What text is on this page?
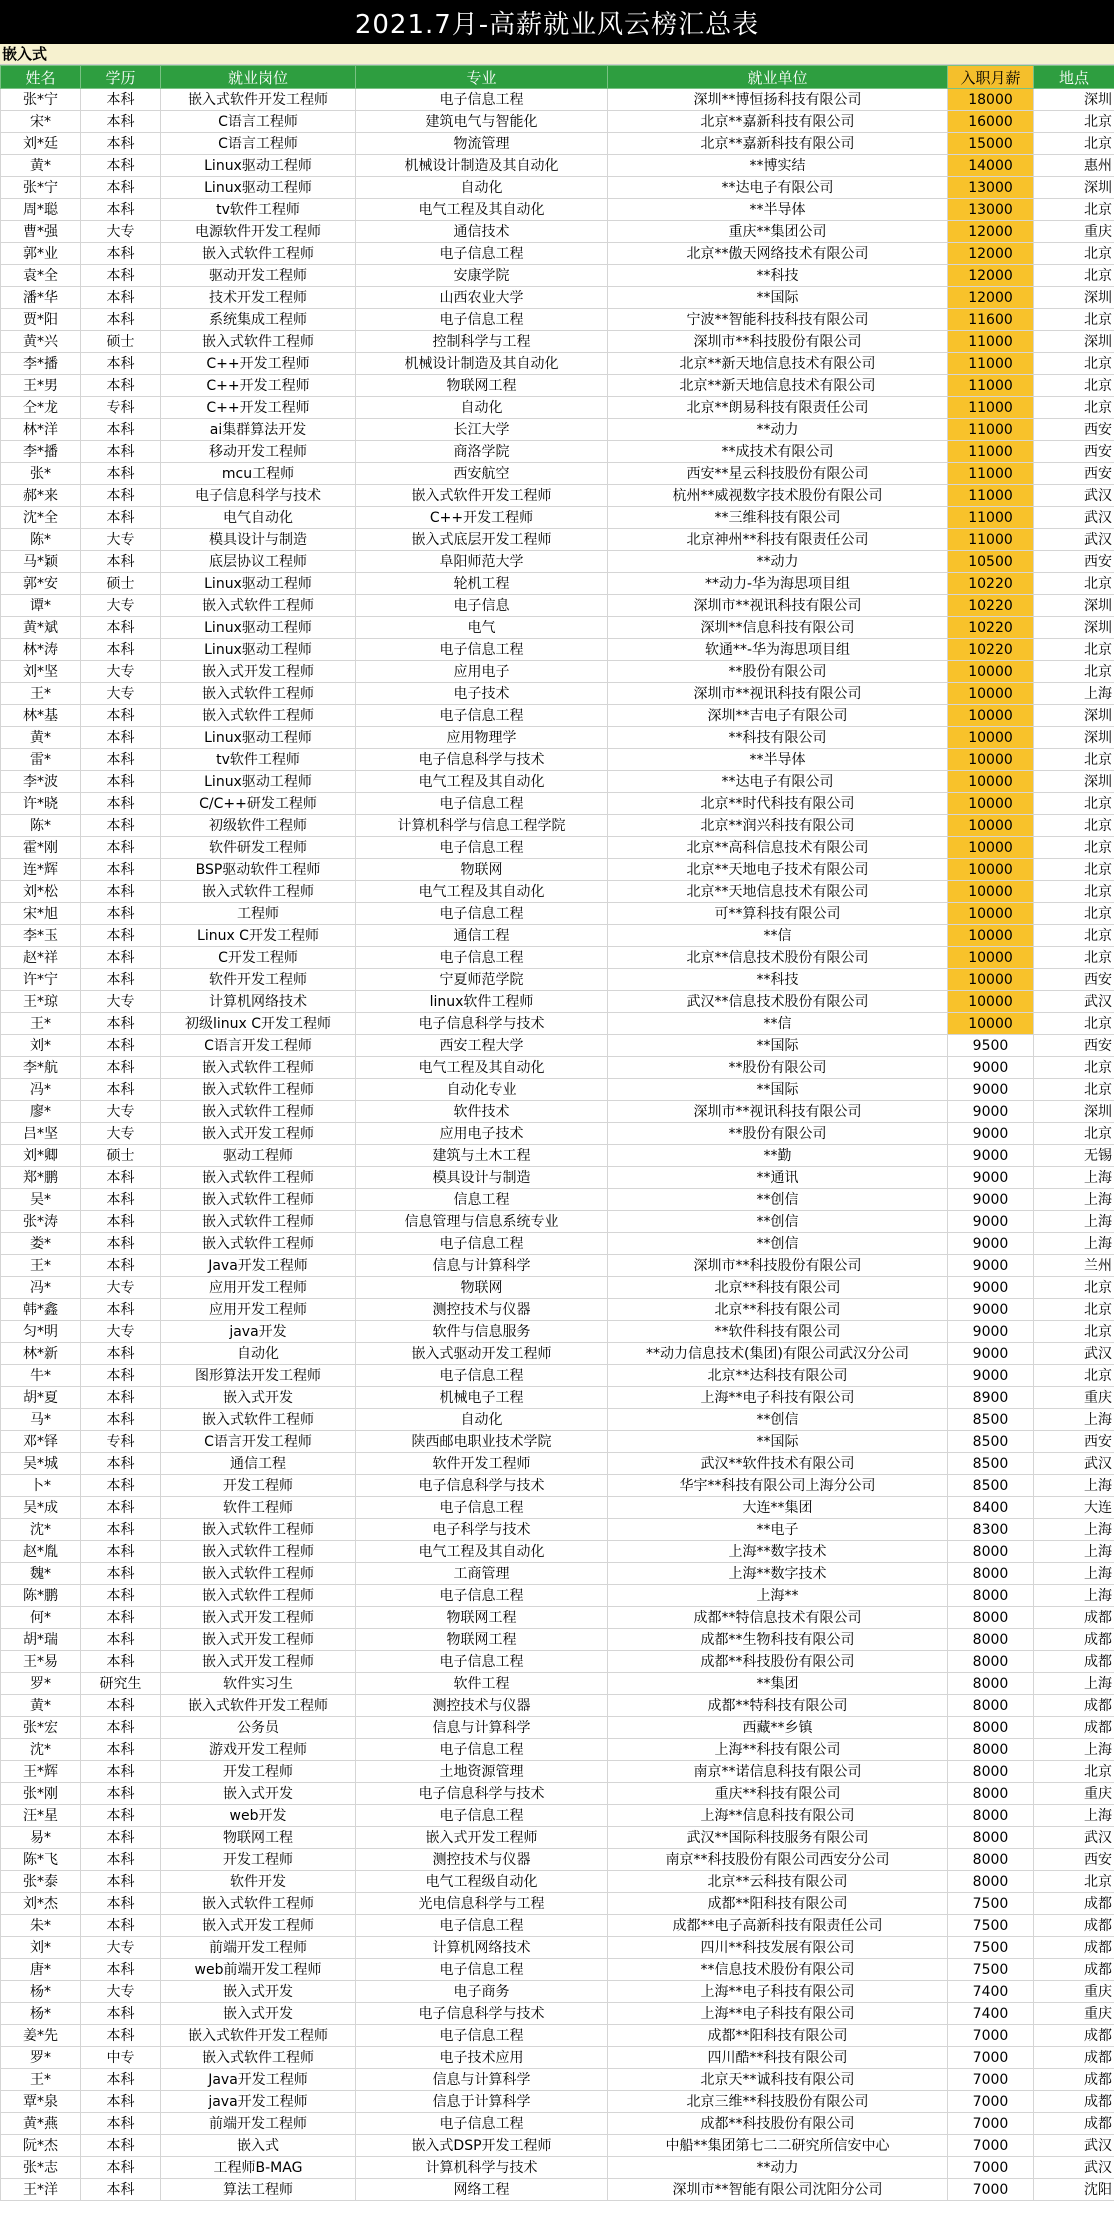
2021.7月-高薪就业风云榜汇总表
嵌入式
姓名	学历	就业岗位	专业	就业单位	入职月薪	地点
张*宁	本科	嵌入式软件开发工程师	电子信息工程	深圳**博恒扬科技有限公司	18000	深圳
宋*	本科	C语言工程师	建筑电气与智能化	北京**嘉新科技有限公司	16000	北京
刘*廷	本科	C语言工程师	物流管理	北京**嘉新科技有限公司	15000	北京
黄*	本科	Linux驱动工程师	机械设计制造及其自动化	**博实结	14000	惠州
张*宁	本科	Linux驱动工程师	自动化	**达电子有限公司	13000	深圳
周*聪	本科	tv软件工程师	电气工程及其自动化	**半导体	13000	北京
曹*强	大专	电源软件开发工程师	通信技术	重庆**集团公司	12000	重庆
郭*业	本科	嵌入式软件工程师	电子信息工程	北京**傲天网络技术有限公司	12000	北京
袁*全	本科	驱动开发工程师	安康学院	**科技	12000	北京
潘*华	本科	技术开发工程师	山西农业大学	**国际	12000	深圳
贾*阳	本科	系统集成工程师	电子信息工程	宁波**智能科技科技有限公司	11600	北京
黄*兴	硕士	嵌入式软件工程师	控制科学与工程	深圳市**科技股份有限公司	11000	深圳
李*播	本科	C++开发工程师	机械设计制造及其自动化	北京**新天地信息技术有限公司	11000	北京
王*男	本科	C++开发工程师	物联网工程	北京**新天地信息技术有限公司	11000	北京
仝*龙	专科	C++开发工程师	自动化	北京**朗易科技有限责任公司	11000	北京
林*洋	本科	ai集群算法开发	长江大学	**动力	11000	西安
李*播	本科	移动开发工程师	商洛学院	**成技术有限公司	11000	西安
张*	本科	mcu工程师	西安航空	西安**星云科技股份有限公司	11000	西安
郝*来	本科	电子信息科学与技术	嵌入式软件开发工程师	杭州**威视数字技术股份有限公司	11000	武汉
沈*全	本科	电气自动化	C++开发工程师	**三维科技有限公司	11000	武汉
陈*	大专	模具设计与制造	嵌入式底层开发工程师	北京神州**科技有限责任公司	11000	武汉
马*颖	本科	底层协议工程师	阜阳师范大学	**动力	10500	西安
郭*安	硕士	Linux驱动工程师	轮机工程	**动力-华为海思项目组	10220	北京
谭*	大专	嵌入式软件工程师	电子信息	深圳市**视讯科技有限公司	10220	深圳
黄*斌	本科	Linux驱动工程师	电气	深圳**信息科技有限公司	10220	深圳
林*涛	本科	Linux驱动工程师	电子信息工程	软通**-华为海思项目组	10220	北京
刘*坚	大专	嵌入式开发工程师	应用电子	**股份有限公司	10000	北京
王*	大专	嵌入式软件工程师	电子技术	深圳市**视讯科技有限公司	10000	上海
林*基	本科	嵌入式软件工程师	电子信息工程	深圳**吉电子有限公司	10000	深圳
黄*	本科	Linux驱动工程师	应用物理学	**科技有限公司	10000	深圳
雷*	本科	tv软件工程师	电子信息科学与技术	**半导体	10000	北京
李*波	本科	Linux驱动工程师	电气工程及其自动化	**达电子有限公司	10000	深圳
许*晓	本科	C/C++研发工程师	电子信息工程	北京**时代科技有限公司	10000	北京
陈*	本科	初级软件工程师	计算机科学与信息工程学院	北京**润兴科技有限公司	10000	北京
霍*刚	本科	软件研发工程师	电子信息工程	北京**高科信息技术有限公司	10000	北京
连*辉	本科	BSP驱动软件工程师	物联网	北京**天地电子技术有限公司	10000	北京
刘*松	本科	嵌入式软件工程师	电气工程及其自动化	北京**天地信息技术有限公司	10000	北京
宋*旭	本科	工程师	电子信息工程	可**算科技有限公司	10000	北京
李*玉	本科	Linux C开发工程师	通信工程	**信	10000	北京
赵*祥	本科	C开发工程师	电子信息工程	北京**信息技术股份有限公司	10000	北京
许*宁	本科	软件开发工程师	宁夏师范学院	**科技	10000	西安
王*琼	大专	计算机网络技术	linux软件工程师	武汉**信息技术股份有限公司	10000	武汉
王*	本科	初级linux C开发工程师	电子信息科学与技术	**信	10000	北京
刘*	本科	C语言开发工程师	西安工程大学	**国际	9500	西安
李*航	本科	嵌入式软件工程师	电气工程及其自动化	**股份有限公司	9000	北京
冯*	本科	嵌入式软件工程师	自动化专业	**国际	9000	北京
廖*	大专	嵌入式软件工程师	软件技术	深圳市**视讯科技有限公司	9000	深圳
吕*坚	大专	嵌入式开发工程师	应用电子技术	**股份有限公司	9000	北京
刘*卿	硕士	驱动工程师	建筑与土木工程	**勤	9000	无锡
郑*鹏	本科	嵌入式软件工程师	模具设计与制造	**通讯	9000	上海
吴*	本科	嵌入式软件工程师	信息工程	**创信	9000	上海
张*涛	本科	嵌入式软件工程师	信息管理与信息系统专业	**创信	9000	上海
娄*	本科	嵌入式软件工程师	电子信息工程	**创信	9000	上海
王*	本科	Java开发工程师	信息与计算科学	深圳市**科技股份有限公司	9000	兰州
冯*	大专	应用开发工程师	物联网	北京**科技有限公司	9000	北京
韩*鑫	本科	应用开发工程师	测控技术与仪器	北京**科技有限公司	9000	北京
匀*明	大专	java开发	软件与信息服务	**软件科技有限公司	9000	北京
林*新	本科	自动化	嵌入式驱动开发工程师	**动力信息技术(集团)有限公司武汉分公司	9000	武汉
牛*	本科	图形算法开发工程师	电子信息工程	北京**达科技有限公司	9000	北京
胡*夏	本科	嵌入式开发	机械电子工程	上海**电子科技有限公司	8900	重庆
马*	本科	嵌入式软件工程师	自动化	**创信	8500	上海
邓*铎	专科	C语言开发工程师	陕西邮电职业技术学院	**国际	8500	西安
吴*城	本科	通信工程	软件开发工程师	武汉**软件技术有限公司	8500	武汉
卜*	本科	开发工程师	电子信息科学与技术	华宇**科技有限公司上海分公司	8500	上海
吴*成	本科	软件工程师	电子信息工程	大连**集团	8400	大连
沈*	本科	嵌入式软件工程师	电子科学与技术	**电子	8300	上海
赵*胤	本科	嵌入式软件工程师	电气工程及其自动化	上海**数字技术	8000	上海
魏*	本科	嵌入式软件工程师	工商管理	上海**数字技术	8000	上海
陈*鹏	本科	嵌入式软件工程师	电子信息工程	上海**	8000	上海
何*	本科	嵌入式开发工程师	物联网工程	成都**特信息技术有限公司	8000	成都
胡*瑞	本科	嵌入式开发工程师	物联网工程	成都**生物科技有限公司	8000	成都
王*易	本科	嵌入式开发工程师	电子信息工程	成都**科技股份有限公司	8000	成都
罗*	研究生	软件实习生	软件工程	**集团	8000	上海
黄*	本科	嵌入式软件开发工程师	测控技术与仪器	成都**特科技有限公司	8000	成都
张*宏	本科	公务员	信息与计算科学	西藏**乡镇	8000	成都
沈*	本科	游戏开发工程师	电子信息工程	上海**科技有限公司	8000	上海
王*辉	本科	开发工程师	土地资源管理	南京**诺信息科技有限公司	8000	北京
张*刚	本科	嵌入式开发	电子信息科学与技术	重庆**科技有限公司	8000	重庆
汪*星	本科	web开发	电子信息工程	上海**信息科技有限公司	8000	上海
易*	本科	物联网工程	嵌入式开发工程师	武汉**国际科技服务有限公司	8000	武汉
陈*飞	本科	开发工程师	测控技术与仪器	南京**科技股份有限公司西安分公司	8000	西安
张*泰	本科	软件开发	电气工程级自动化	北京**云科技有限公司	8000	北京
刘*杰	本科	嵌入式软件工程师	光电信息科学与工程	成都**阳科技有限公司	7500	成都
朱*	本科	嵌入式开发工程师	电子信息工程	成都**电子高新科技有限责任公司	7500	成都
刘*	大专	前端开发工程师	计算机网络技术	四川**科技发展有限公司	7500	成都
唐*	本科	web前端开发工程师	电子信息工程	**信息技术股份有限公司	7500	成都
杨*	大专	嵌入式开发	电子商务	上海**电子科技有限公司	7400	重庆
杨*	本科	嵌入式开发	电子信息科学与技术	上海**电子科技有限公司	7400	重庆
姜*先	本科	嵌入式软件开发工程师	电子信息工程	成都**阳科技有限公司	7000	成都
罗*	中专	嵌入式软件工程师	电子技术应用	四川酷**科技有限公司	7000	成都
王*	本科	Java开发工程师	信息与计算科学	北京天**诚科技有限公司	7000	成都
覃*泉	本科	java开发工程师	信息于计算科学	北京三维**科技股份有限公司	7000	成都
黄*燕	本科	前端开发工程师	电子信息工程	成都**科技股份有限公司	7000	成都
阮*杰	本科	嵌入式	嵌入式DSP开发工程师	中船**集团第七二二研究所信安中心	7000	武汉
张*志	本科	工程师B-MAG	计算机科学与技术	**动力	7000	武汉
王*洋	本科	算法工程师	网络工程	深圳市**智能有限公司沈阳分公司	7000	沈阳
